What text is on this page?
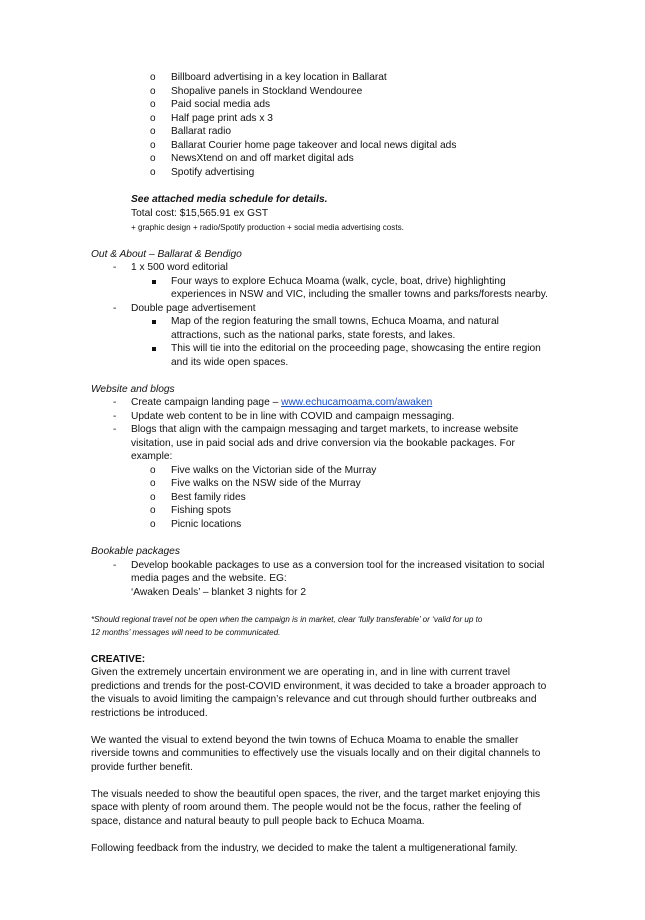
o Billboard advertising in a key location in Ballarat
o Shopalive panels in Stockland Wendouree
o Paid social media ads
o Half page print ads x 3
o Ballarat radio
o Ballarat Courier home page takeover and local news digital ads
o NewsXtend on and off market digital ads
o Spotify advertising
See attached media schedule for details.
Total cost: $15,565.91 ex GST
+ graphic design + radio/Spotify production + social media advertising costs.
Out & About – Ballarat & Bendigo
- 1 x 500 word editorial
Four ways to explore Echuca Moama (walk, cycle, boat, drive) highlighting
experiences in NSW and VIC, including the smaller towns and parks/forests nearby.
- Double page advertisement
Map of the region featuring the small towns, Echuca Moama, and natural
attractions, such as the national parks, state forests, and lakes.
This will tie into the editorial on the proceeding page, showcasing the entire region
and its wide open spaces.
Website and blogs
- Create campaign landing page – www.echucamoama.com/awaken
- Update web content to be in line with COVID and campaign messaging.
- Blogs that align with the campaign messaging and target markets, to increase website
visitation, use in paid social ads and drive conversion via the bookable packages. For
example:
o Five walks on the Victorian side of the Murray
o Five walks on the NSW side of the Murray
o Best family rides
o Fishing spots
o Picnic locations
Bookable packages
- Develop bookable packages to use as a conversion tool for the increased visitation to social
media pages and the website. EG:
‘Awaken Deals’ – blanket 3 nights for 2
*Should regional travel not be open when the campaign is in market, clear ‘fully transferable’ or ‘valid for up to
12 months’ messages will need to be communicated.
CREATIVE:
Given the extremely uncertain environment we are operating in, and in line with current travel
predictions and trends for the post-COVID environment, it was decided to take a broader approach to
the visuals to avoid limiting the campaign’s relevance and cut through should further outbreaks and
restrictions be introduced.
We wanted the visual to extend beyond the twin towns of Echuca Moama to enable the smaller
riverside towns and communities to effectively use the visuals locally and on their digital channels to
provide further benefit.
The visuals needed to show the beautiful open spaces, the river, and the target market enjoying this
space with plenty of room around them. The people would not be the focus, rather the feeling of
space, distance and natural beauty to pull people back to Echuca Moama.
Following feedback from the industry, we decided to make the talent a multigenerational family.
